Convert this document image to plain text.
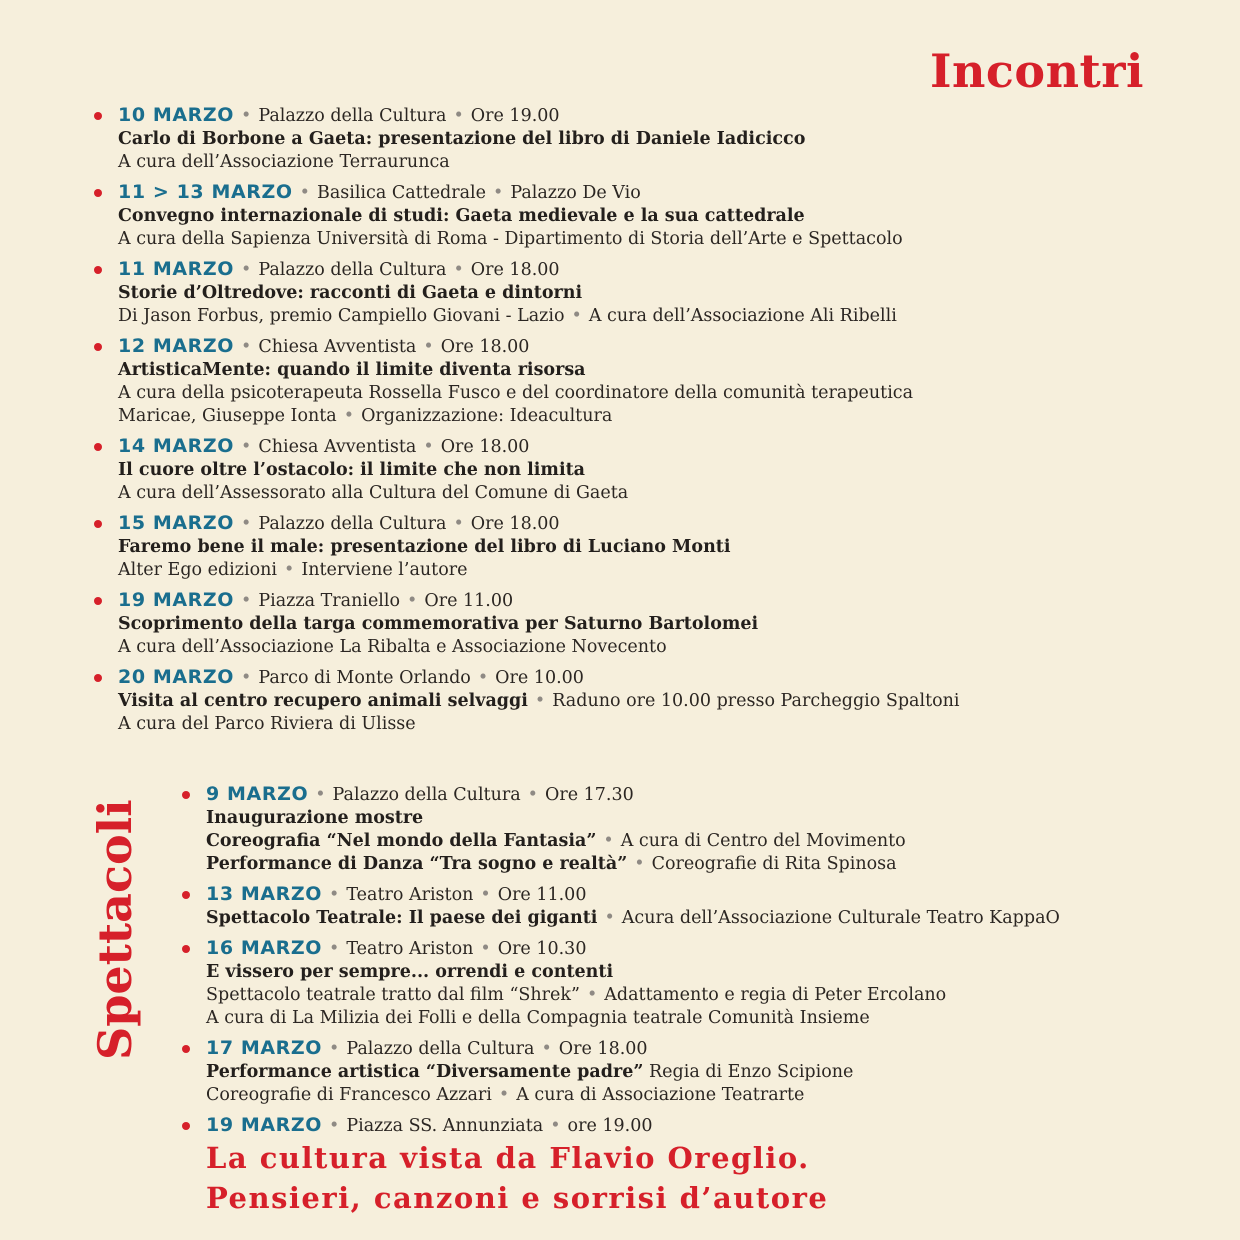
Incontri
10 MARZO • Palazzo della Cultura • Ore 19.00
Carlo di Borbone a Gaeta: presentazione del libro di Daniele Iadicicco
A cura dell’Associazione Terraurunca
11 > 13 MARZO • Basilica Cattedrale • Palazzo De Vio
Convegno internazionale di studi: Gaeta medievale e la sua cattedrale
A cura della Sapienza Università di Roma - Dipartimento di Storia dell’Arte e Spettacolo
11 MARZO • Palazzo della Cultura • Ore 18.00
Storie d’Oltredove: racconti di Gaeta e dintorni
Di Jason Forbus, premio Campiello Giovani - Lazio • A cura dell’Associazione Ali Ribelli
12 MARZO • Chiesa Avventista • Ore 18.00
ArtisticaMente: quando il limite diventa risorsa
A cura della psicoterapeuta Rossella Fusco e del coordinatore della comunità terapeutica
Maricae, Giuseppe Ionta • Organizzazione: Ideacultura
14 MARZO • Chiesa Avventista • Ore 18.00
Il cuore oltre l’ostacolo: il limite che non limita
A cura dell’Assessorato alla Cultura del Comune di Gaeta
15 MARZO • Palazzo della Cultura • Ore 18.00
Faremo bene il male: presentazione del libro di Luciano Monti
Alter Ego edizioni • Interviene l’autore
19 MARZO • Piazza Traniello • Ore 11.00
Scoprimento della targa commemorativa per Saturno Bartolomei
A cura dell’Associazione La Ribalta e Associazione Novecento
20 MARZO • Parco di Monte Orlando • Ore 10.00
Visita al centro recupero animali selvaggi • Raduno ore 10.00 presso Parcheggio Spaltoni
A cura del Parco Riviera di Ulisse
Spettacoli
9 MARZO • Palazzo della Cultura • Ore 17.30
Inaugurazione mostre
Coreografia “Nel mondo della Fantasia” • A cura di Centro del Movimento
Performance di Danza “Tra sogno e realtà” • Coreografie di Rita Spinosa
13 MARZO • Teatro Ariston • Ore 11.00
Spettacolo Teatrale: Il paese dei giganti • Acura dell’Associazione Culturale Teatro KappaO
16 MARZO • Teatro Ariston • Ore 10.30
E vissero per sempre... orrendi e contenti
Spettacolo teatrale tratto dal film “Shrek” • Adattamento e regia di Peter Ercolano
A cura di La Milizia dei Folli e della Compagnia teatrale Comunità Insieme
17 MARZO • Palazzo della Cultura • Ore 18.00
Performance artistica “Diversamente padre” Regia di Enzo Scipione
Coreografie di Francesco Azzari • A cura di Associazione Teatrarte
19 MARZO • Piazza SS. Annunziata • ore 19.00
La cultura vista da Flavio Oreglio.
Pensieri, canzoni e sorrisi d’autore
